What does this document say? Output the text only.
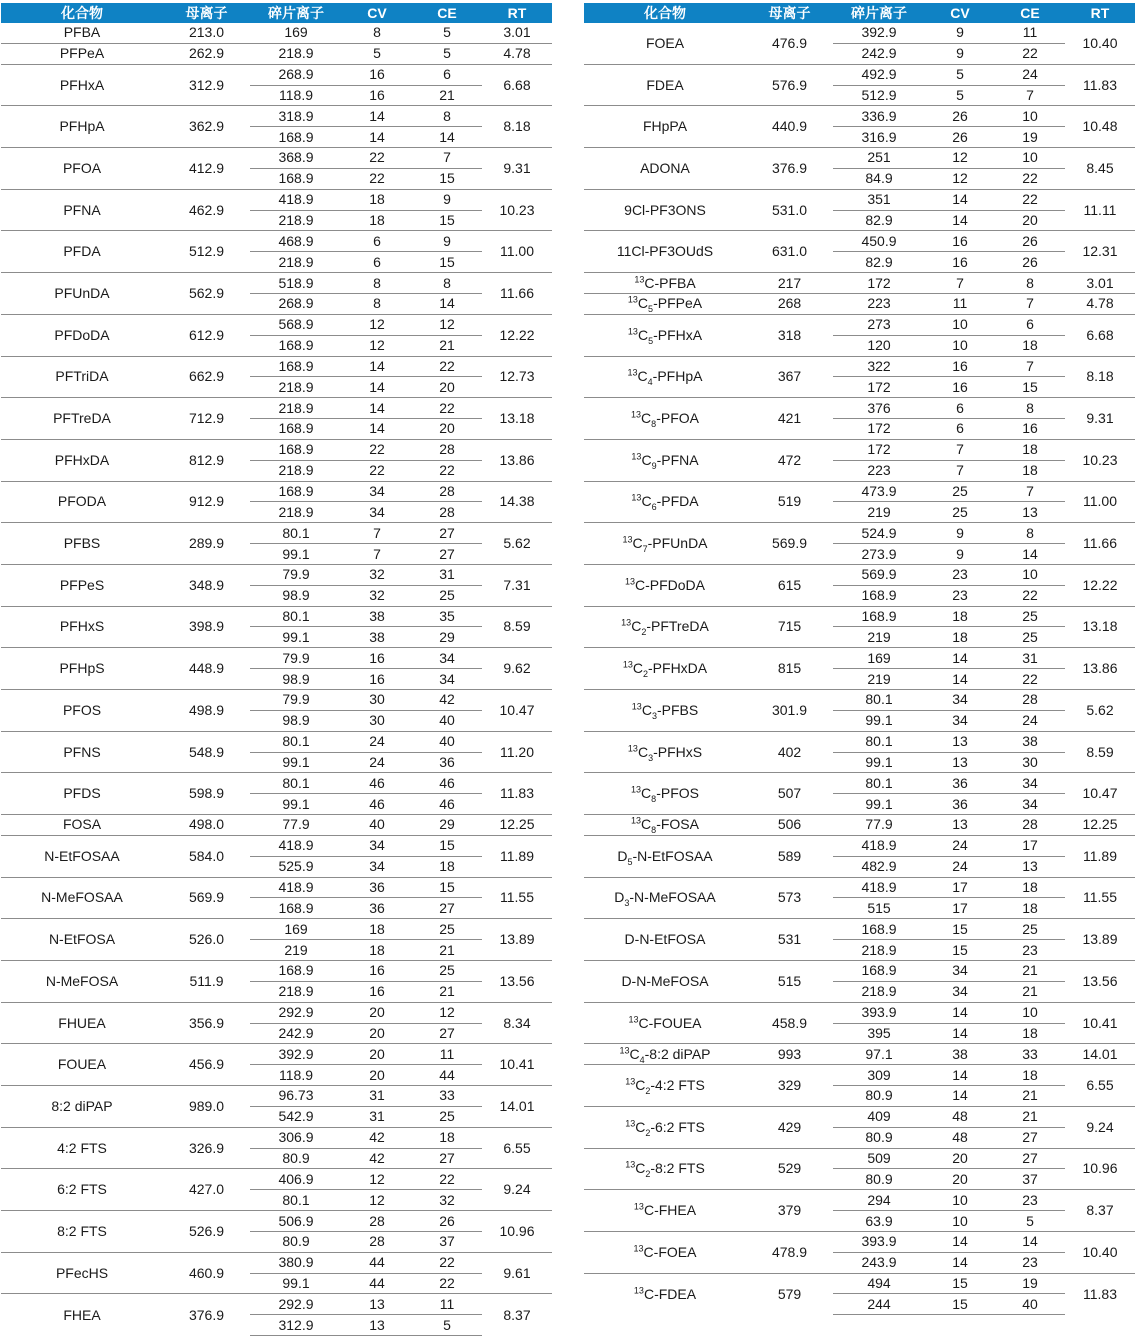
化合物	母离子	碎片离子	CV	CE	RT
PFBA	213.0	169	8	5	3.01
PFPeA	262.9	218.9	5	5	4.78
PFHxA	312.9	268.9	16	6	6.68
		118.9	16	21	
PFHpA	362.9	318.9	14	8	8.18
		168.9	14	14	
PFOA	412.9	368.9	22	7	9.31
		168.9	22	15	
PFNA	462.9	418.9	18	9	10.23
		218.9	18	15	
PFDA	512.9	468.9	6	9	11.00
		218.9	6	15	
PFUnDA	562.9	518.9	8	8	11.66
		268.9	8	14	
PFDoDA	612.9	568.9	12	12	12.22
		168.9	12	21	
PFTriDA	662.9	168.9	14	22	12.73
		218.9	14	20	
PFTreDA	712.9	218.9	14	22	13.18
		168.9	14	20	
PFHxDA	812.9	168.9	22	28	13.86
		218.9	22	22	
PFODA	912.9	168.9	34	28	14.38
		218.9	34	28	
PFBS	289.9	80.1	7	27	5.62
		99.1	7	27	
PFPeS	348.9	79.9	32	31	7.31
		98.9	32	25	
PFHxS	398.9	80.1	38	35	8.59
		99.1	38	29	
PFHpS	448.9	79.9	16	34	9.62
		98.9	16	34	
PFOS	498.9	79.9	30	42	10.47
		98.9	30	40	
PFNS	548.9	80.1	24	40	11.20
		99.1	24	36	
PFDS	598.9	80.1	46	46	11.83
		99.1	46	46	
FOSA	498.0	77.9	40	29	12.25
N-EtFOSAA	584.0	418.9	34	15	11.89
		525.9	34	18	
N-MeFOSAA	569.9	418.9	36	15	11.55
		168.9	36	27	
N-EtFOSA	526.0	169	18	25	13.89
		219	18	21	
N-MeFOSA	511.9	168.9	16	25	13.56
		218.9	16	21	
FHUEA	356.9	292.9	20	12	8.34
		242.9	20	27	
FOUEA	456.9	392.9	20	11	10.41
		118.9	20	44	
8:2 diPAP	989.0	96.73	31	33	14.01
		542.9	31	25	
4:2 FTS	326.9	306.9	42	18	6.55
		80.9	42	27	
6:2 FTS	427.0	406.9	12	22	9.24
		80.1	12	32	
8:2 FTS	526.9	506.9	28	26	10.96
		80.9	28	37	
PFecHS	460.9	380.9	44	22	9.61
		99.1	44	22	
FHEA	376.9	292.9	13	11	8.37
		312.9	13	5	
化合物	母离子	碎片离子	CV	CE	RT
FOEA	476.9	392.9	9	11	10.40
		242.9	9	22	
FDEA	576.9	492.9	5	24	11.83
		512.9	5	7	
FHpPA	440.9	336.9	26	10	10.48
		316.9	26	19	
ADONA	376.9	251	12	10	8.45
		84.9	12	22	
9Cl-PF3ONS	531.0	351	14	22	11.11
		82.9	14	20	
11Cl-PF3OUdS	631.0	450.9	16	26	12.31
		82.9	16	26	
$^{13}$C-PFBA	217	172	7	8	3.01
$^{13}C_5$-PFPeA	268	223	11	7	4.78
$^{13}C_5$-PFHxA	318	273	10	6	6.68
		120	10	18	
$^{13}C_4$-PFHpA	367	322	16	7	8.18
		172	16	15	
$^{13}C_8$-PFOA	421	376	6	8	9.31
		172	6	16	
$^{13}C_9$-PFNA	472	172	7	18	10.23
		223	7	18	
$^{13}C_6$-PFDA	519	473.9	25	7	11.00
		219	25	13	
$^{13}C_7$-PFUnDA	569.9	524.9	9	8	11.66
		273.9	9	14	
$^{13}$C-PFDoDA	615	569.9	23	10	12.22
		168.9	23	22	
$^{13}C_2$-PFTreDA	715	168.9	18	25	13.18
		219	18	25	
$^{13}C_2$-PFHxDA	815	169	14	31	13.86
		219	14	22	
$^{13}C_3$-PFBS	301.9	80.1	34	28	5.62
		99.1	34	24	
$^{13}C_3$-PFHxS	402	80.1	13	38	8.59
		99.1	13	30	
$^{13}C_8$-PFOS	507	80.1	36	34	10.47
		99.1	36	34	
$^{13}C_8$-FOSA	506	77.9	13	28	12.25
$D_5-N$-EtFOSAA	589	418.9	24	17	11.89
		482.9	24	13	
$D_3-N$-MeFOSAA	573	418.9	17	18	11.55
		515	17	18	
D-N-EtFOSA	531	168.9	15	25	13.89
		218.9	15	23	
D-N-MeFOSA	515	168.9	34	21	13.56
		218.9	34	21	
$^{13}$C-FOUEA	458.9	393.9	14	10	10.41
		395	14	18	
$^{13}C_4-8:2$ diPAP	993	97.1	38	33	14.01
$^{13}C_2-4:2$ FTS	329	309	14	18	6.55
		80.9	14	21	
$^{13}C_2-6:2$ FTS	429	409	48	21	9.24
		80.9	48	27	
$^{13}C_2-8:2$ FTS	529	509	20	27	10.96
		80.9	20	37	
$^{13}$C-FHEA	379	294	10	23	8.37
		63.9	10	5	
$^{13}$C-FOEA	478.9	393.9	14	14	10.40
		243.9	14	23	
$^{13}$C-FDEA	579	494	15	19	11.83
		244	15	40	
